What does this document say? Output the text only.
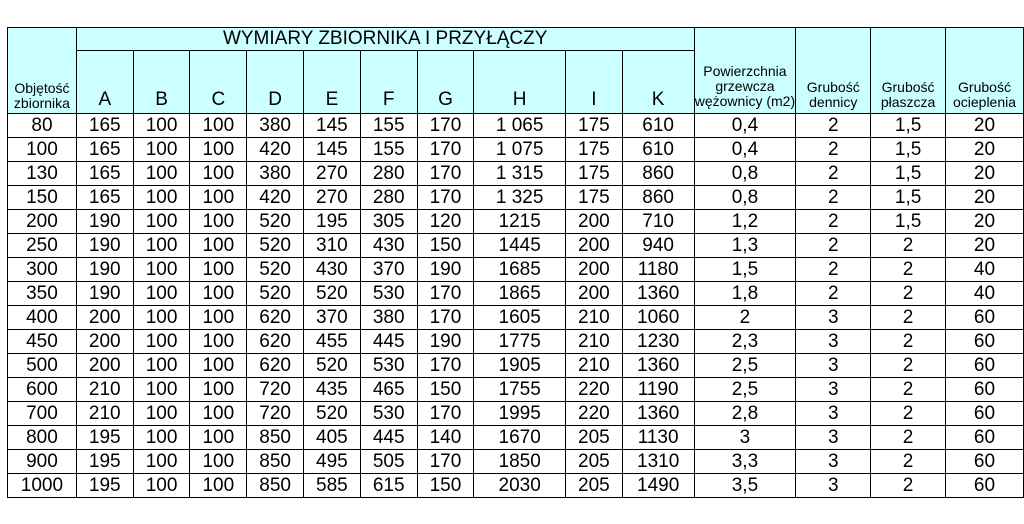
Objętość zbiornika	WYMIARY ZBIORNIKA I PRZYŁĄCZY										Powierzchnia grzewcza wężownicy (m2)	Grubość dennicy	Grubość płaszcza	Grubość ocieplenia
	A	B	C	D	E	F	G	H	I	K				
80	165	100	100	380	145	155	170	1 065	175	610	0,4	2	1,5	20
100	165	100	100	420	145	155	170	1 075	175	610	0,4	2	1,5	20
130	165	100	100	380	270	280	170	1 315	175	860	0,8	2	1,5	20
150	165	100	100	420	270	280	170	1 325	175	860	0,8	2	1,5	20
200	190	100	100	520	195	305	120	1215	200	710	1,2	2	1,5	20
250	190	100	100	520	310	430	150	1445	200	940	1,3	2	2	20
300	190	100	100	520	430	370	190	1685	200	1180	1,5	2	2	40
350	190	100	100	520	520	530	170	1865	200	1360	1,8	2	2	40
400	200	100	100	620	370	380	170	1605	210	1060	2	3	2	60
450	200	100	100	620	455	445	190	1775	210	1230	2,3	3	2	60
500	200	100	100	620	520	530	170	1905	210	1360	2,5	3	2	60
600	210	100	100	720	435	465	150	1755	220	1190	2,5	3	2	60
700	210	100	100	720	520	530	170	1995	220	1360	2,8	3	2	60
800	195	100	100	850	405	445	140	1670	205	1130	3	3	2	60
900	195	100	100	850	495	505	170	1850	205	1310	3,3	3	2	60
1000	195	100	100	850	585	615	150	2030	205	1490	3,5	3	2	60
